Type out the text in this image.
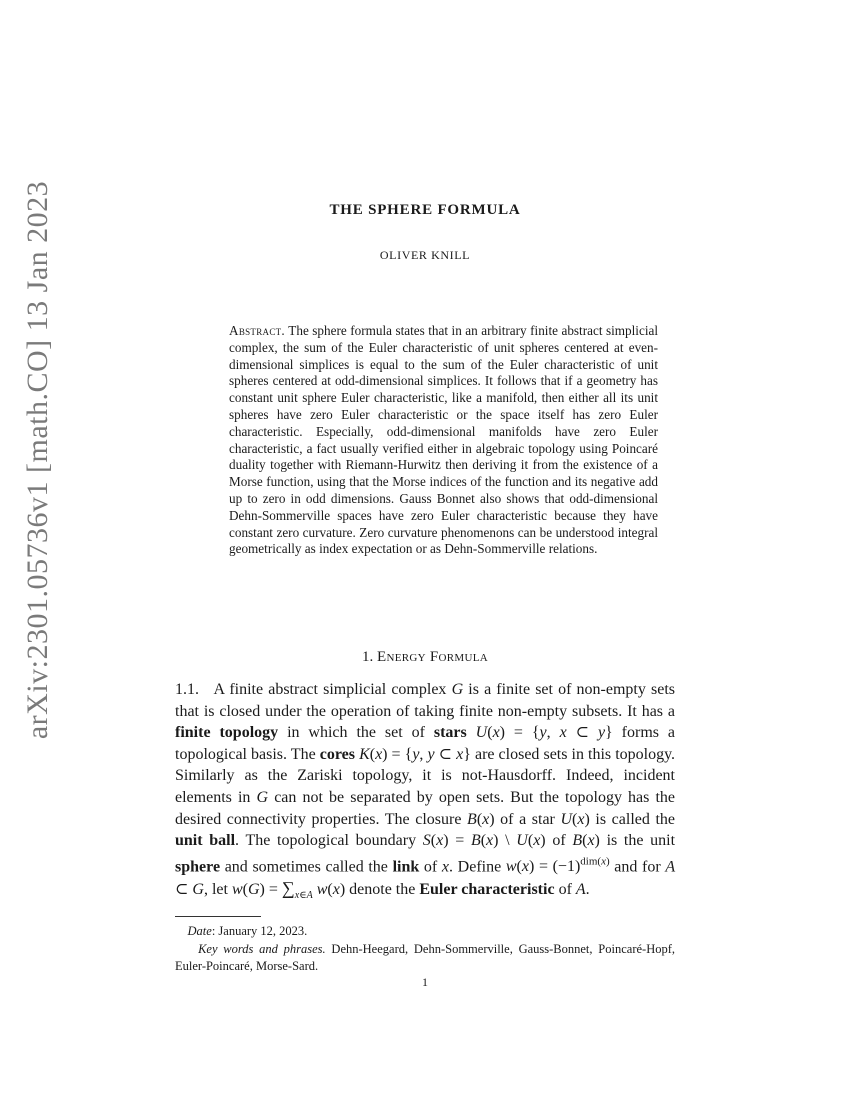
arXiv:2301.05736v1 [math.CO] 13 Jan 2023	THE SPHERE FORMULA
OLIVER KNILL

Abstract. The sphere formula states that in an arbitrary finite abstract simplicial complex, the sum of the Euler characteristic of unit spheres centered at even-dimensional simplices is equal to the sum of the Euler characteristic of unit spheres centered at odd-dimensional simplices. It follows that if a geometry has constant unit sphere Euler characteristic, like a manifold, then either all its unit spheres have zero Euler characteristic or the space itself has zero Euler characteristic. Especially, odd-dimensional manifolds have zero Euler characteristic, a fact usually verified either in algebraic topology using Poincaré duality together with Riemann-Hurwitz then deriving it from the existence of a Morse function, using that the Morse indices of the function and its negative add up to zero in odd dimensions. Gauss Bonnet also shows that odd-dimensional Dehn-Sommerville spaces have zero Euler characteristic because they have constant zero curvature. Zero curvature phenomenons can be understood integral geometrically as index expectation or as Dehn-Sommerville relations.

1. Energy Formula

1.1. A finite abstract simplicial complex G is a finite set of non-empty sets that is closed under the operation of taking finite non-empty subsets. It has a finite topology in which the set of stars U(x) = {y, x ⊂ y} forms a topological basis. The cores K(x) = {y, y ⊂ x} are closed sets in this topology. Similarly as the Zariski topology, it is not-Hausdorff. Indeed, incident elements in G can not be separated by open sets. But the topology has the desired connectivity properties. The closure B(x) of a star U(x) is called the unit ball. The topological boundary S(x) = B(x) \ U(x) of B(x) is the unit sphere and sometimes called the link of x. Define $w(x) = (-1)^{dim(x)}$ and for A ⊂ G, let $w(G) = \sum_{x\in A}$ w(x) denote the Euler characteristic of A.

Date: January 12, 2023.

Key words and phrases. Dehn-Heegard, Dehn-Sommerville, Gauss-Bonnet, Poincaré-Hopf, Euler-Poincaré, Morse-Sard.

1
